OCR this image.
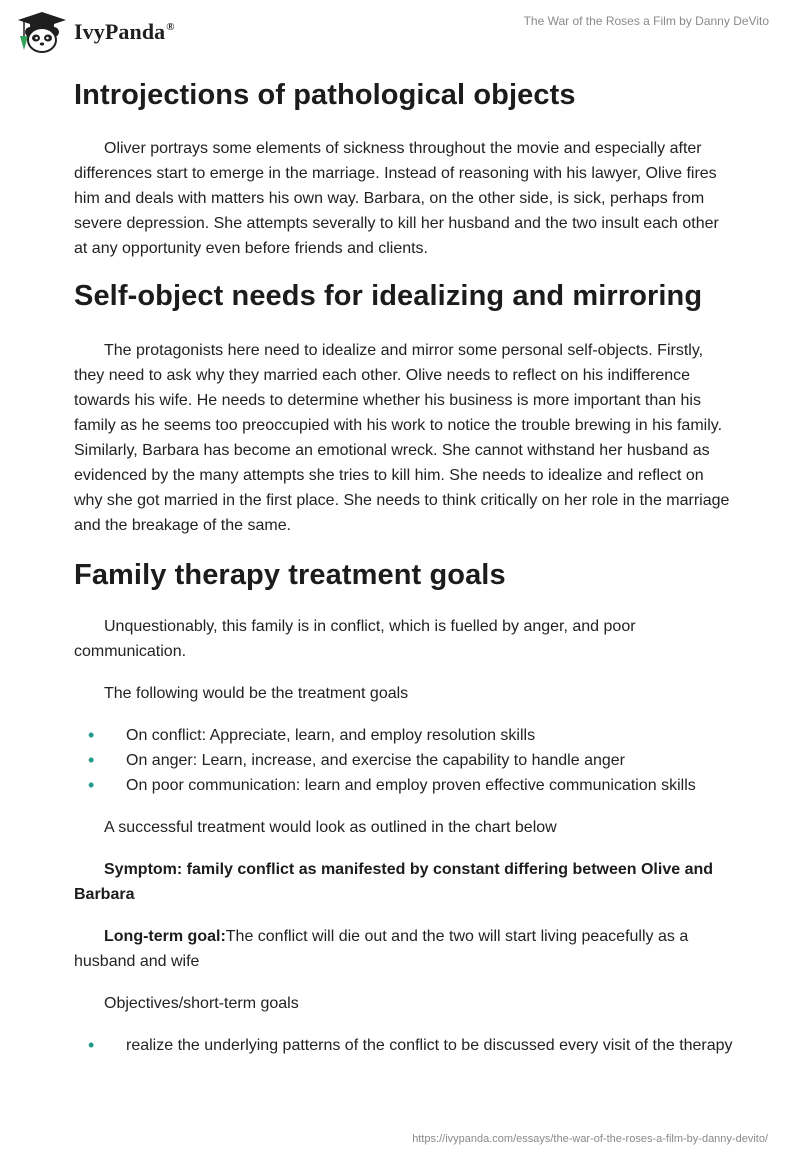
IvyPanda®	The War of the Roses a Film by Danny DeVito
Introjections of pathological objects

Oliver portrays some elements of sickness throughout the movie and especially after differences start to emerge in the marriage. Instead of reasoning with his lawyer, Olive fires him and deals with matters his own way. Barbara, on the other side, is sick, perhaps from severe depression. She attempts severally to kill her husband and the two insult each other at any opportunity even before friends and clients.

Self-object needs for idealizing and mirroring

The protagonists here need to idealize and mirror some personal self-objects. Firstly, they need to ask why they married each other. Olive needs to reflect on his indifference towards his wife. He needs to determine whether his business is more important than his family as he seems too preoccupied with his work to notice the trouble brewing in his family. Similarly, Barbara has become an emotional wreck. She cannot withstand her husband as evidenced by the many attempts she tries to kill him. She needs to idealize and reflect on why she got married in the first place. She needs to think critically on her role in the marriage and the breakage of the same.

Family therapy treatment goals

Unquestionably, this family is in conflict, which is fuelled by anger, and poor communication.

The following would be the treatment goals

• On conflict: Appreciate, learn, and employ resolution skills
• On anger: Learn, increase, and exercise the capability to handle anger
• On poor communication: learn and employ proven effective communication skills

A successful treatment would look as outlined in the chart below

Symptom: family conflict as manifested by constant differing between Olive and Barbara

Long-term goal:The conflict will die out and the two will start living peacefully as a husband and wife

Objectives/short-term goals

• realize the underlying patterns of the conflict to be discussed every visit of the therapy
https://ivypanda.com/essays/the-war-of-the-roses-a-film-by-danny-devito/
